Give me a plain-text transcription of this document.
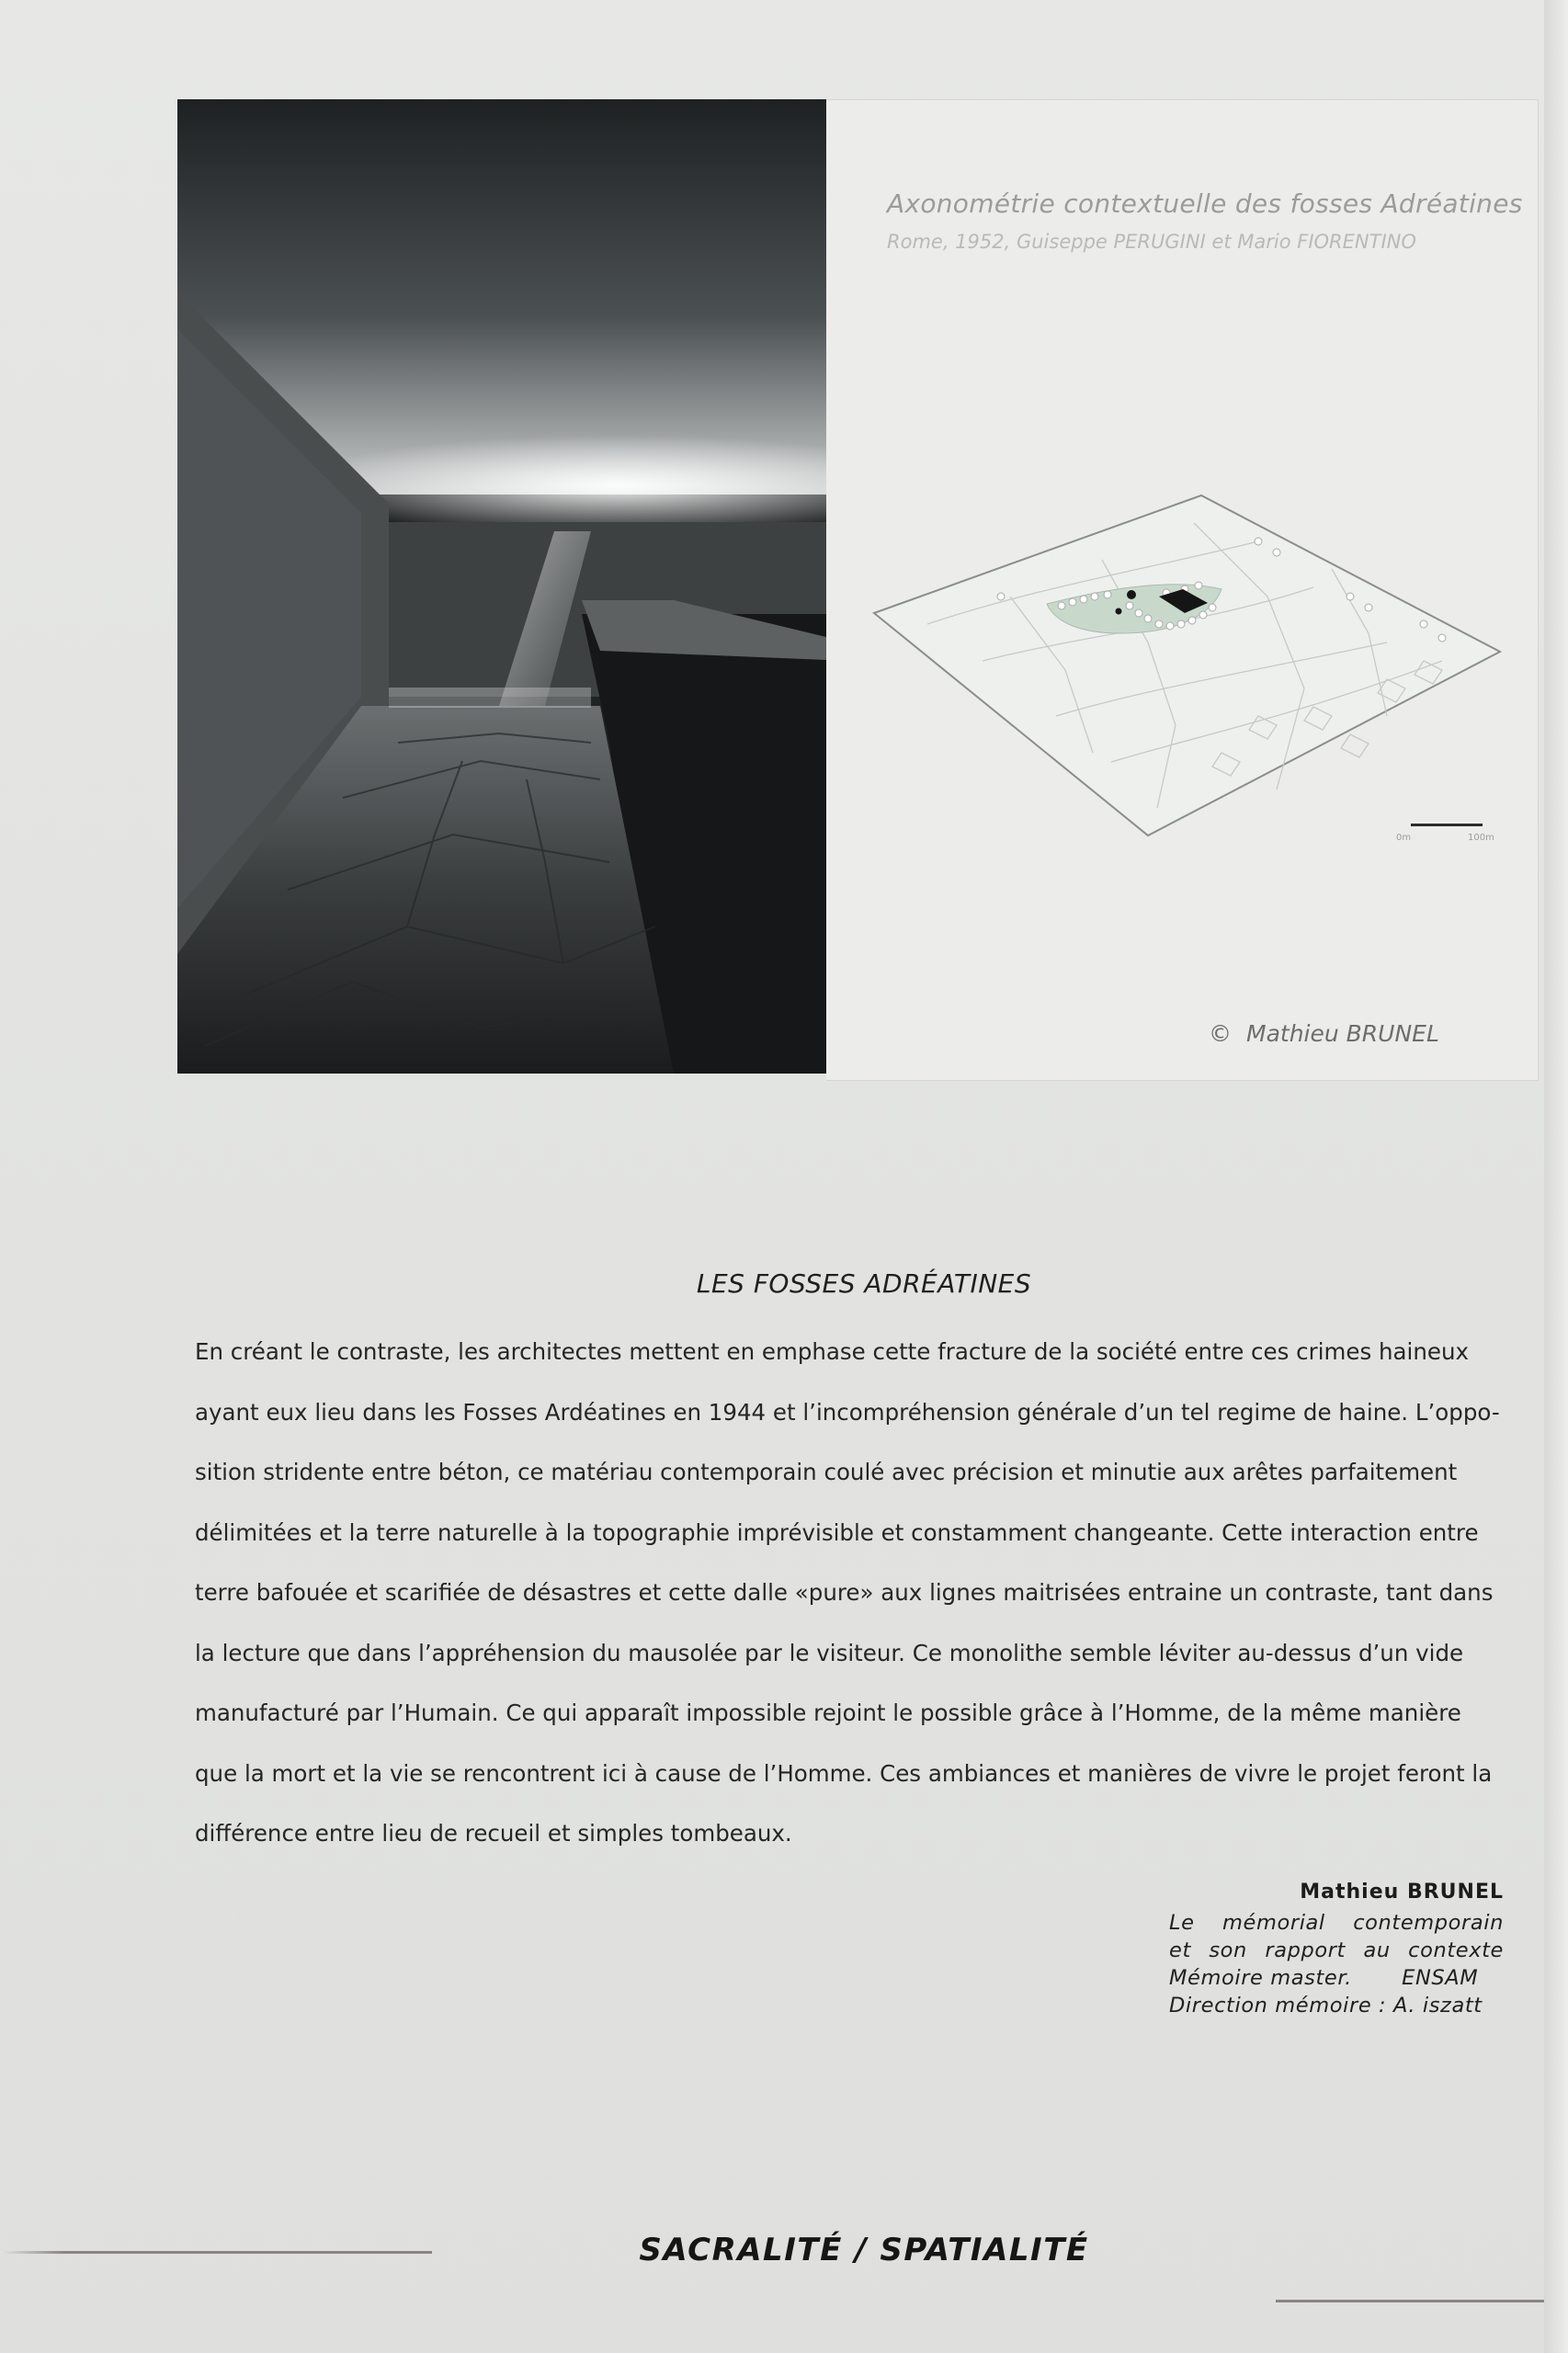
Axonométrie contextuelle des fosses Adréatines
Rome, 1952, Guiseppe PERUGINI et Mario FIORENTINO
0m	100m
© Mathieu BRUNEL
LES FOSSES ADRÉATINES
En créant le contraste, les architectes mettent en emphase cette fracture de la société entre ces crimes haineux
ayant eux lieu dans les Fosses Ardéatines en 1944 et l’incompréhension générale d’un tel regime de haine. L’oppo-
sition stridente entre béton, ce matériau contemporain coulé avec précision et minutie aux arêtes parfaitement
délimitées et la terre naturelle à la topographie imprévisible et constamment changeante. Cette interaction entre
terre bafouée et scarifiée de désastres et cette dalle «pure» aux lignes maitrisées entraine un contraste, tant dans
la lecture que dans l’appréhension du mausolée par le visiteur. Ce monolithe semble léviter au-dessus d’un vide
manufacturé par l’Humain. Ce qui apparaît impossible rejoint le possible grâce à l’Homme, de la même manière
que la mort et la vie se rencontrent ici à cause de l’Homme. Ces ambiances et manières de vivre le projet feront la
différence entre lieu de recueil et simples tombeaux.
Mathieu BRUNEL
Le mémorial contemporain
et son rapport au contexte
Mémoire master.       ENSAM
Direction mémoire : A. iszatt
SACRALITÉ / SPATIALITÉ
